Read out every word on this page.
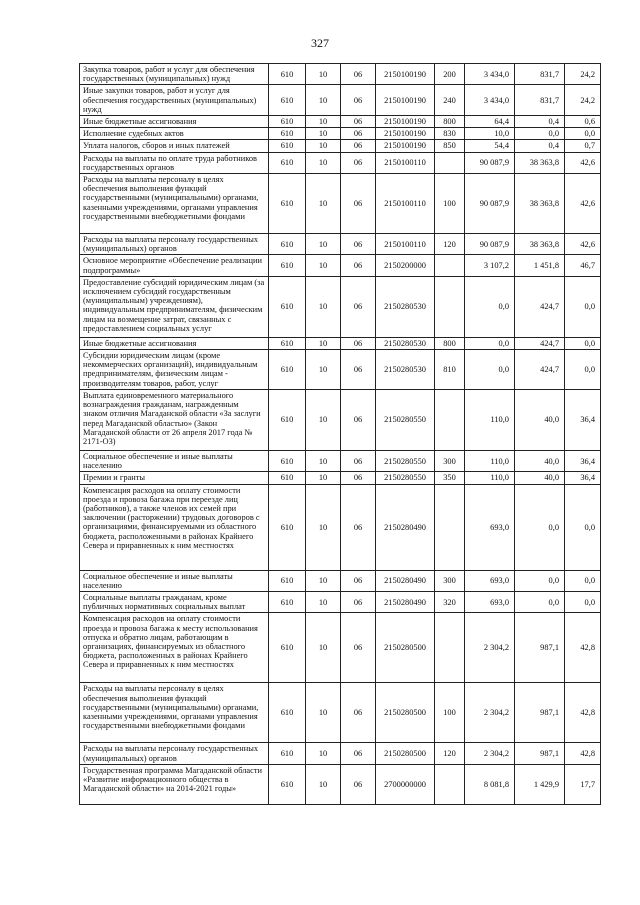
327
Закупка товаров, работ и услуг для обеспечения государственных (муниципальных) нужд	610	10	06	2150100190	200	3 434,0	831,7	24,2
Иные закупки товаров, работ и услуг для обеспечения государственных (муниципальных) нужд	610	10	06	2150100190	240	3 434,0	831,7	24,2
Иные бюджетные ассигнования	610	10	06	2150100190	800	64,4	0,4	0,6
Исполнение судебных актов	610	10	06	2150100190	830	10,0	0,0	0,0
Уплата налогов, сборов и иных платежей	610	10	06	2150100190	850	54,4	0,4	0,7
Расходы на выплаты по оплате труда работников государственных органов	610	10	06	2150100110		90 087,9	38 363,8	42,6
Расходы на выплаты персоналу в целях обеспечения выполнения функций государственными (муниципальными) органами, казенными учреждениями, органами управления государственными внебюджетными фондами	610	10	06	2150100110	100	90 087,9	38 363,8	42,6
Расходы на выплаты персоналу государственных (муниципальных) органов	610	10	06	2150100110	120	90 087,9	38 363,8	42,6
Основное мероприятие «Обеспечение реализации подпрограммы»	610	10	06	2150200000		3 107,2	1 451,8	46,7
Предоставление субсидий юридическим лицам (за исключением субсидий государственным (муниципальным) учреждениям), индивидуальным предпринимателям, физическим лицам на возмещение затрат, связанных с предоставлением социальных услуг	610	10	06	2150280530		0,0	424,7	0,0
Иные бюджетные ассигнования	610	10	06	2150280530	800	0,0	424,7	0,0
Субсидии юридическим лицам (кроме некоммерческих организаций), индивидуальным предпринимателям, физическим лицам - производителям товаров, работ, услуг	610	10	06	2150280530	810	0,0	424,7	0,0
Выплата единовременного материального вознаграждения гражданам, награжденным знаком отличия Магаданской области «За заслуги перед Магаданской областью» (Закон Магаданской области от 26 апреля 2017 года № 2171-ОЗ)	610	10	06	2150280550		110,0	40,0	36,4
Социальное обеспечение и иные выплаты населению	610	10	06	2150280550	300	110,0	40,0	36,4
Премии и гранты	610	10	06	2150280550	350	110,0	40,0	36,4
Компенсация расходов на оплату стоимости проезда и провоза багажа при переезде лиц (работников), а также членов их семей при заключении (расторжении) трудовых договоров с организациями, финансируемыми из областного бюджета, расположенными в районах Крайнего Севера и приравненных к ним местностях	610	10	06	2150280490		693,0	0,0	0,0
Социальное обеспечение и иные выплаты населению	610	10	06	2150280490	300	693,0	0,0	0,0
Социальные выплаты гражданам, кроме публичных нормативных социальных выплат	610	10	06	2150280490	320	693,0	0,0	0,0
Компенсация расходов на оплату стоимости проезда и провоза багажа к месту использования отпуска и обратно лицам, работающим в организациях, финансируемых из областного бюджета, расположенных в районах Крайнего Севера и приравненных к ним местностях	610	10	06	2150280500		2 304,2	987,1	42,8
Расходы на выплаты персоналу в целях обеспечения выполнения функций государственными (муниципальными) органами, казенными учреждениями, органами управления государственными внебюджетными фондами	610	10	06	2150280500	100	2 304,2	987,1	42,8
Расходы на выплаты персоналу государственных (муниципальных) органов	610	10	06	2150280500	120	2 304,2	987,1	42,8
Государственная программа Магаданской области «Развитие информационного общества в Магаданской области» на 2014-2021 годы»	610	10	06	2700000000		8 081,8	1 429,9	17,7
